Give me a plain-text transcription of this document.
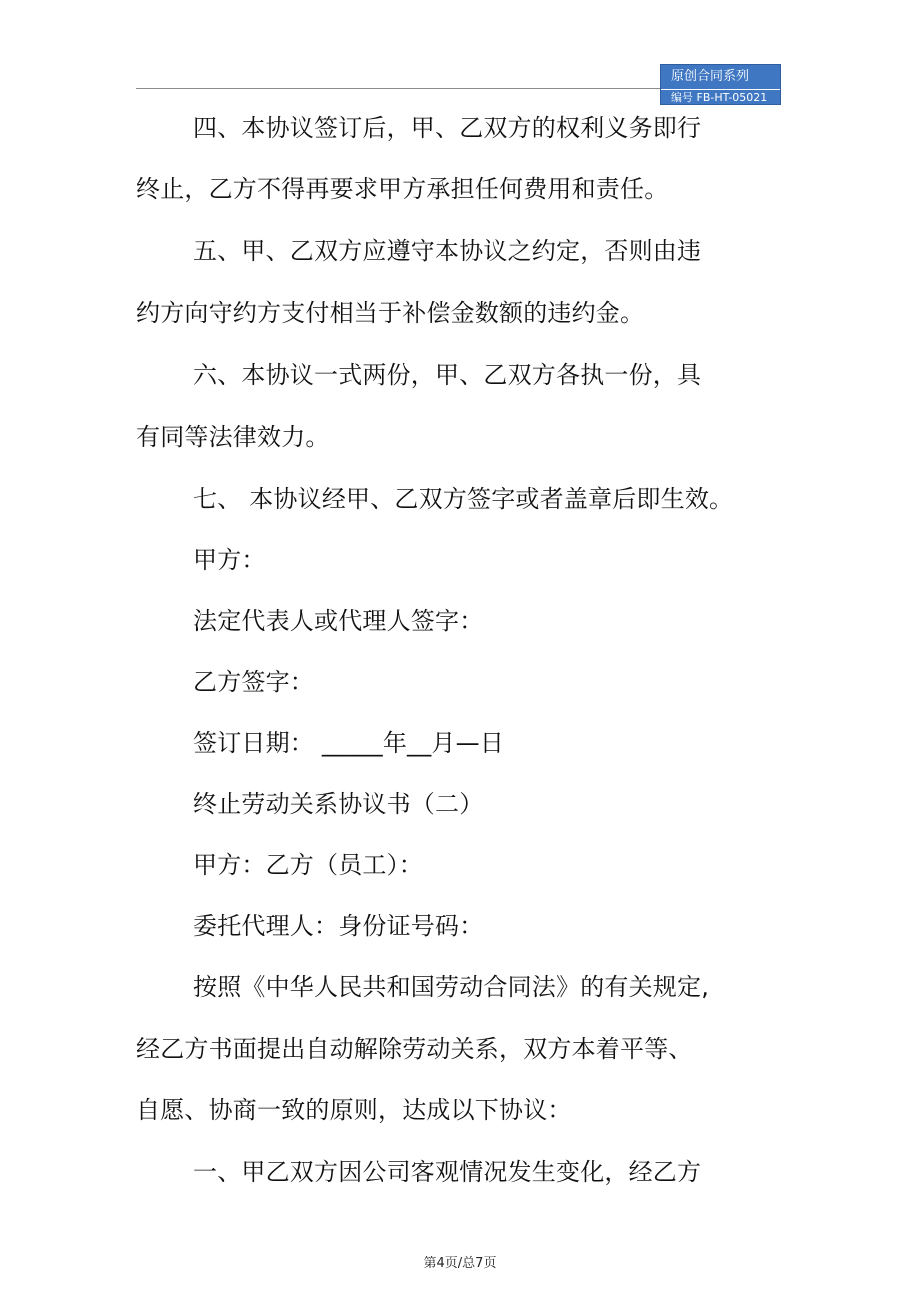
原创合同系列
编号 FB-HT-05021
四、本协议签订后，甲、乙双方的权利义务即行
终止，乙方不得再要求甲方承担任何费用和责任。
五、甲、乙双方应遵守本协议之约定，否则由违
约方向守约方支付相当于补偿金数额的违约金。
六、本协议一式两份，甲、乙双方各执一份，具
有同等法律效力。
七、 本协议经甲、乙双方签字或者盖章后即生效。
甲方：
法定代表人或代理人签字：
乙方签字：
签订日期： _____年__月—日
终止劳动关系协议书（二）
甲方：乙方（员工）：
委托代理人：身份证号码：
按照《中华人民共和国劳动合同法》的有关规定,
经乙方书面提出自动解除劳动关系，双方本着平等、
自愿、协商一致的原则，达成以下协议：
一、甲乙双方因公司客观情况发生变化，经乙方
第4页/总7页
